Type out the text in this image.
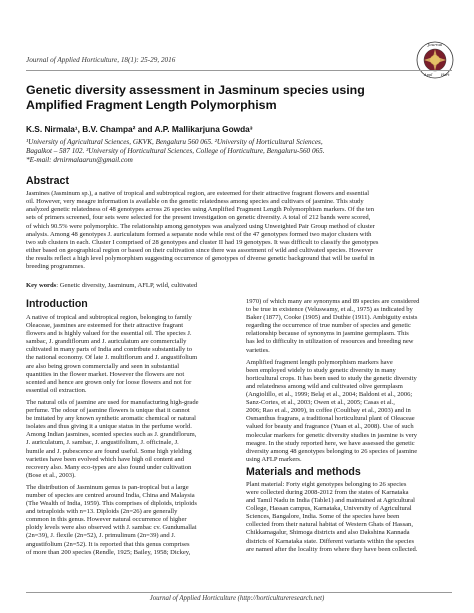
Journal of Applied Horticulture, 18(1): 25-29, 2016
Journal
Appl Hort
Genetic diversity assessment in Jasminum species using
Amplified Fragment Length Polymorphism
K.S. Nirmala¹, B.V. Champa² and A.P. Mallikarjuna Gowda³
¹University of Agricultural Sciences, GKVK, Bengaluru 560 065. ²University of Horticultural Sciences,
Bagalkot – 587 102. ³University of Horticultural Sciences, College of Horticulture, Bengaluru-560 065.
*E-mail: drnirmalaarun@gmail.com
Abstract
Jasmines (Jasminum sp.), a native of tropical and subtropical region, are esteemed for their attractive fragrant flowers and essential
oil. However, very meagre information is available on the genetic relatedness among species and cultivars of jasmine. This study
analyzed genetic relatedness of 48 genotypes across 26 species using Amplified Fragment Length Polymorphism markers. Of the ten
sets of primers screened, four sets were selected for the present investigation on genetic diversity. A total of 212 bands were scored,
of which 90.5% were polymorphic. The relationship among genotypes was analyzed using Unweighted Pair Group method of cluster
analysis. Among 48 genotypes J. auriculatum formed a separate node while rest of the 47 genotypes formed two major clusters with
two sub clusters in each. Cluster I comprised of 28 genotypes and cluster II had 19 genotypes. It was difficult to classify the genotypes
either based on geographical region or based on their cultivation since there was assortment of wild and cultivated species. However
the results reflect a high level polymorphism suggesting occurrence of genotypes of diverse genetic background that will be useful in
breeding programmes.
Key words: Genetic diversity, Jasminum, AFLP, wild, cultivated
Introduction
A native of tropical and subtropical region, belonging to family
Oleaceae, jasmines are esteemed for their attractive fragrant
flowers and is highly valued for the essential oil. The species J.
sambac, J. grandiflorum and J. auriculatum are commercially
cultivated in many parts of India and contribute substantially to
the national economy. Of late J. multiflorum and J. angustifolium
are also being grown commercially and seen in substantial
quantities in the flower market. However the flowers are not
scented and hence are grown only for loose flowers and not for
essential oil extraction.
The natural oils of jasmine are used for manufacturing high-grade
perfume. The odour of jasmine flowers is unique that it cannot
be imitated by any known synthetic aromatic chemical or natural
isolates and thus giving it a unique status in the perfume world.
Among Indian jasmines, scented species such as J. grandiflorum,
J. auriculatum, J. sambac, J. angustifolium, J. officinale, J.
humile and J. pubescence are found useful. Some high yielding
varieties have been evolved which have high oil content and
recovery also. Many eco-types are also found under cultivation
(Bose et al., 2003).
The distribution of Jasminum genus is pan-tropical but a large
number of species are centred around India, China and Malaysia
(The Wealth of India, 1959). This comprises of diploids, triploids
and tetraploids with n=13. Diploids (2n=26) are generally
common in this genus. However natural occurrence of higher
ploidy levels were also observed with J. sambac cv. Gundumallai
(2n=39), J. flexile (2n=52), J. primulinum (2n=39) and J.
angustifolium (2n=52). It is reported that this genus comprises
of more than 200 species (Rendle, 1925; Bailey, 1958; Dickey,
1970) of which many are synonyms and 89 species are considered
to be true in existence (Veluswamy, et al., 1975) as indicated by
Baker (1877), Cooke (1905) and Duthie (1911). Ambiguity exists
regarding the occurrence of true number of species and genetic
relationship because of synonyms in jasmine germplasm. This
has led to difficulty in utilization of resources and breeding new
varieties.
Amplified fragment length polymorphism markers have
been employed widely to study genetic diversity in many
horticultural crops. It has been used to study the genetic diversity
and relatedness among wild and cultivated olive germplasm
(Angiolillo, et al., 1999; Belaj et al., 2004; Baldoni et al., 2006;
Sanz-Cortes, et al., 2003; Owen et al., 2005; Casas et al.,
2006; Rao et al., 2009), in coffee (Coulibay et al., 2003) and in
Osmanthus fragrans, a traditional horticultural plant of Oleaceae
valued for beauty and fragrance (Yuan et al., 2008). Use of such
molecular markers for genetic diversity studies in jasmine is very
meagre. In the study reported here, we have assessed the genetic
diversity among 48 genotypes belonging to 26 species of jasmine
using AFLP markers.
Materials and methods
Plant material: Forty eight genotypes belonging to 26 species
were collected during 2008-2012 from the states of Karnataka
and Tamil Nadu in India (Table1) and maintained at Agricultural
College, Hassan campus, Karnataka, University of Agricultural
Sciences, Bangalore, India. Some of the species have been
collected from their natural habitat of Western Ghats of Hassan,
Chikkamagalur, Shimoga districts and also Dakshina Kannada
districts of Karnataka state. Different variants within the species
are named after the locality from where they have been collected.
Journal of Applied Horticulture (http://horticultureresearch.net)
